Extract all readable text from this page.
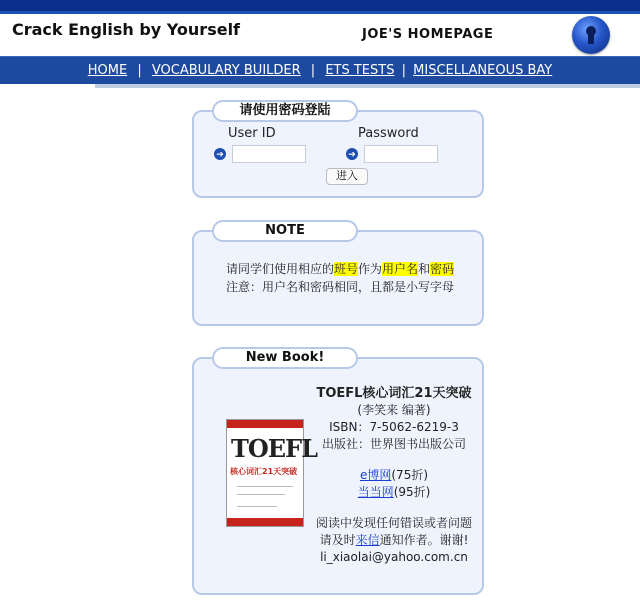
Crack English by Yourself	JOE'S HOMEPAGE
HOME | VOCABULARY BUILDER | ETS TESTS | MISCELLANEOUS BAY
请使用密码登陆
User ID	Password
➔	➔
进入
NOTE
请同学们使用相应的班号作为用户名和密码
注意：用户名和密码相同，且都是小写字母
New Book!
TOEFL
核心词汇21天突破
TOEFL核心词汇21天突破
(李笑来 编著)
ISBN：7-5062-6219-3
出版社：世界图书出版公司
e博网(75折)
当当网(95折)
阅读中发现任何错误或者问题
请及时来信通知作者。谢谢!
li_xiaolai@yahoo.com.cn
